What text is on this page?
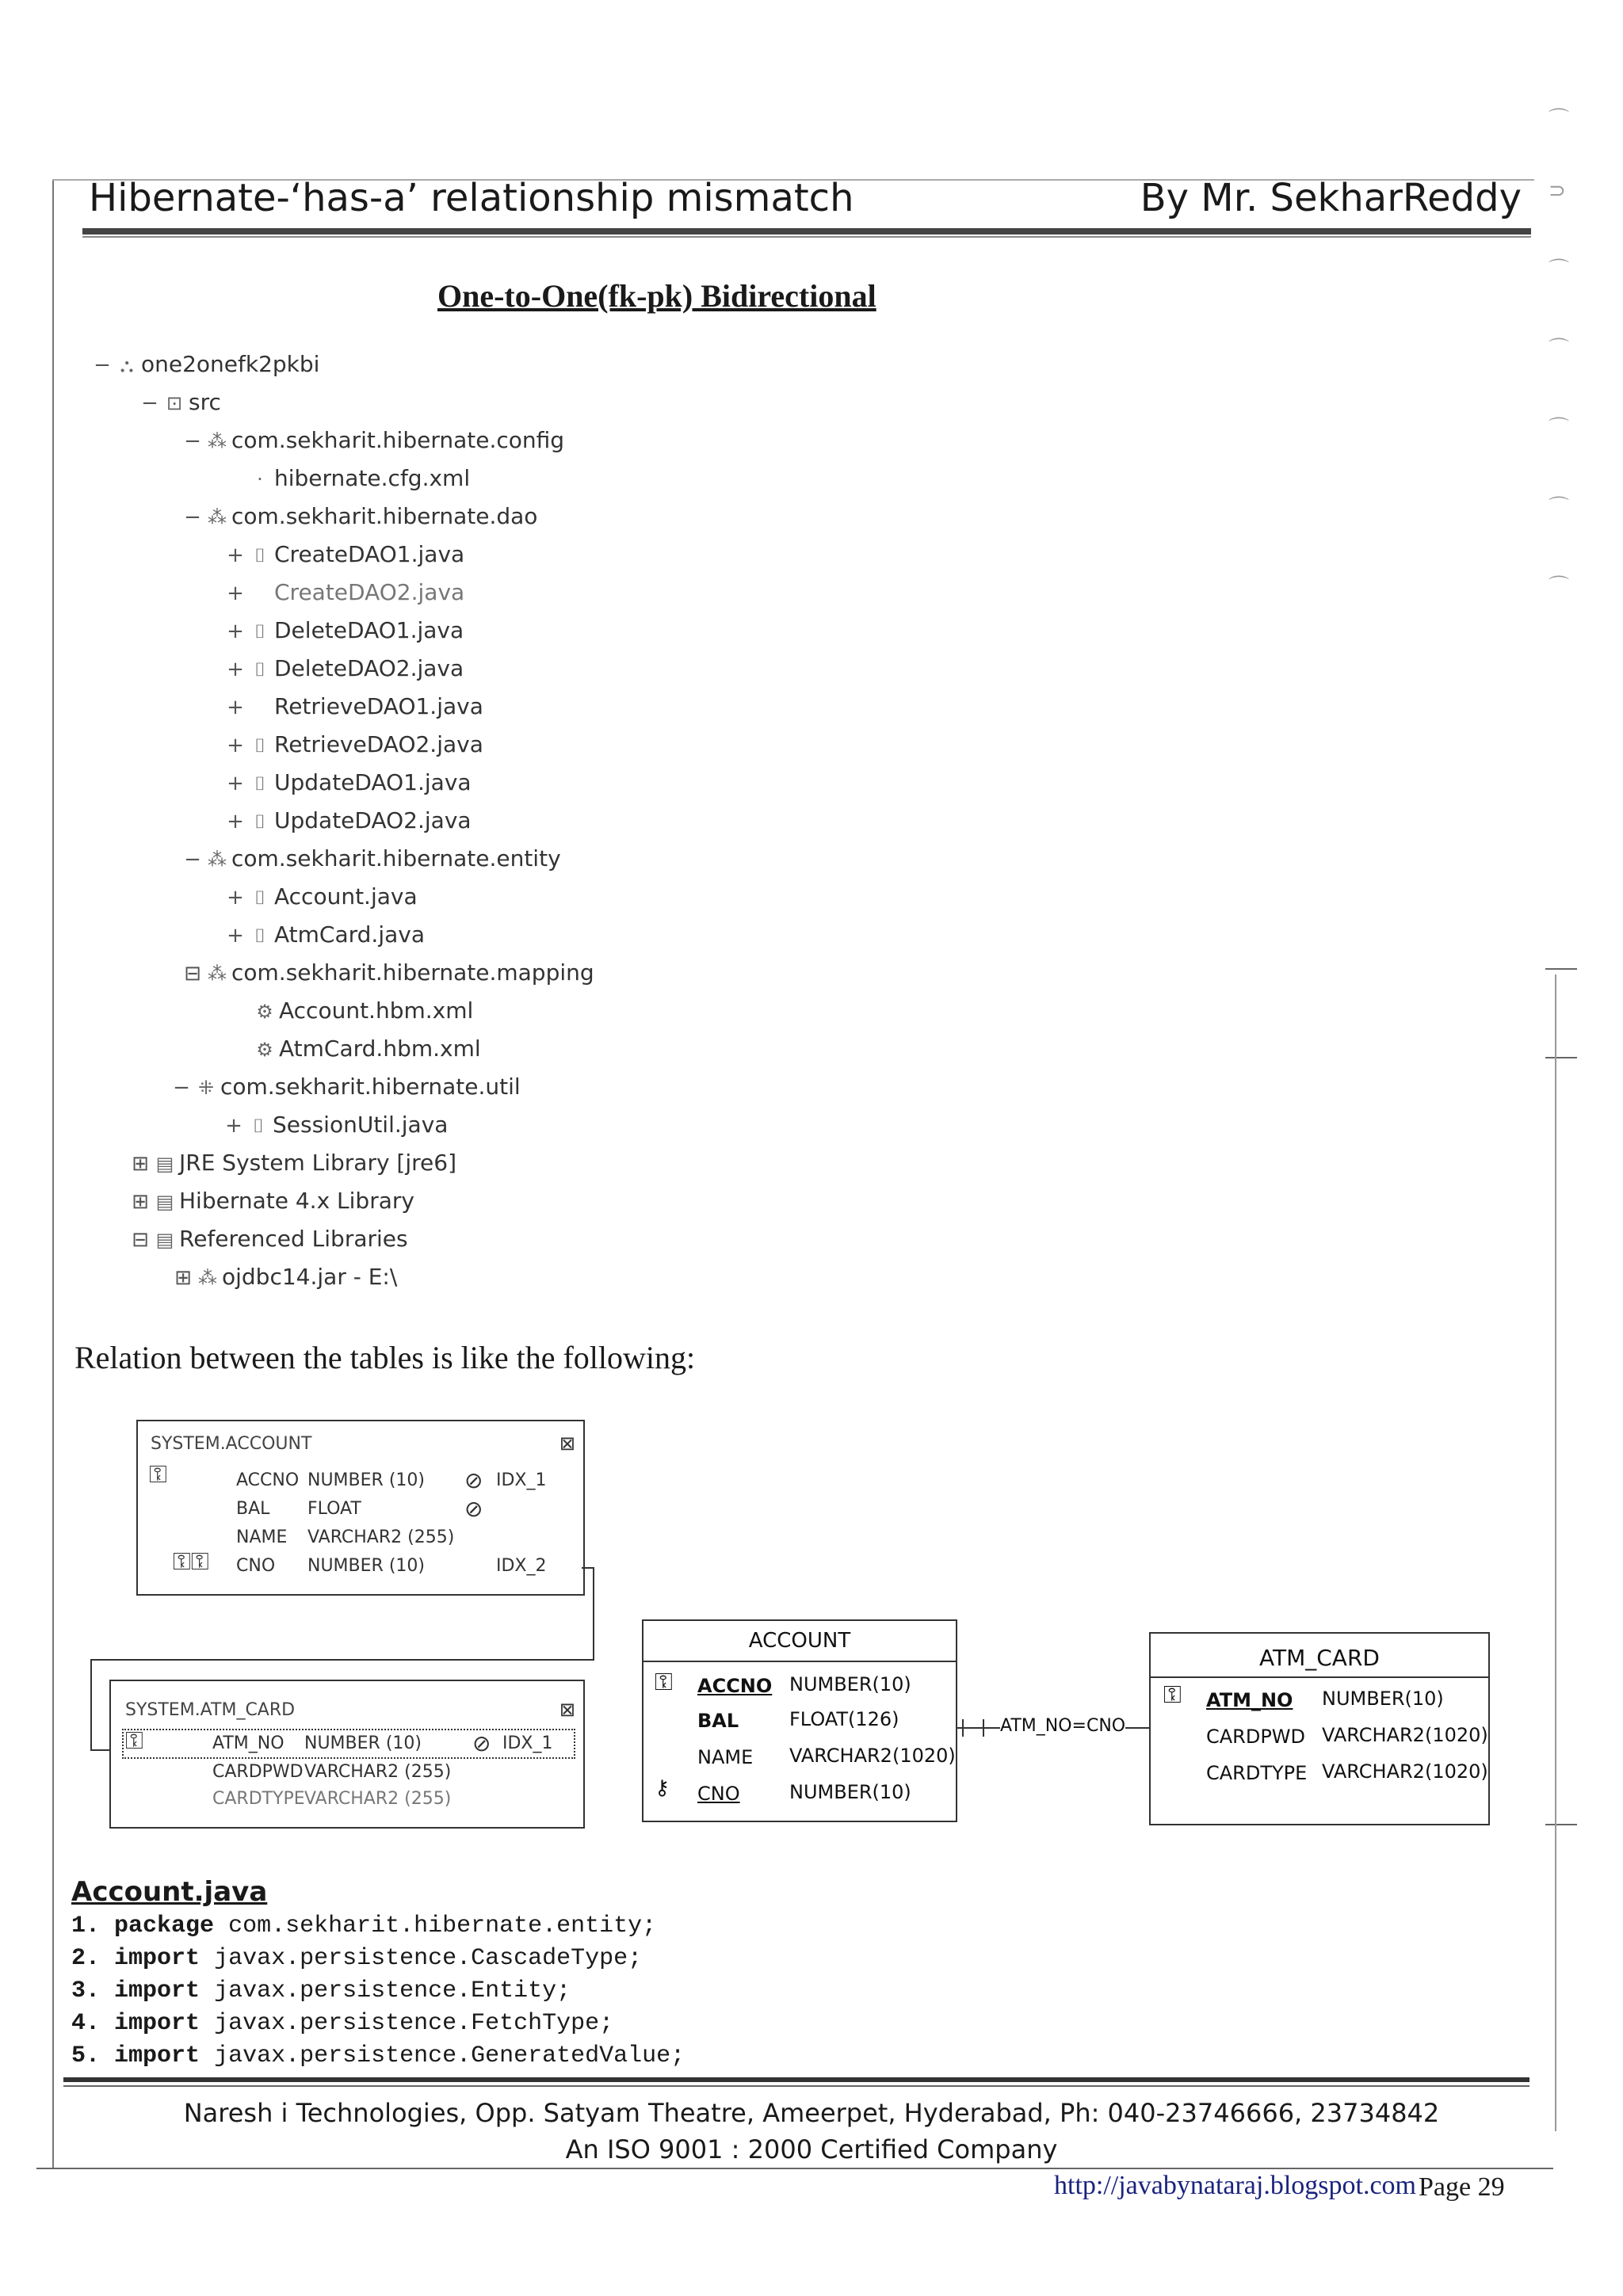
Hibernate-‘has-a’ relationship mismatch	By Mr. SekharReddy
One-to-One(fk-pk) Bidirectional
− ⛬ one2onefk2pkbi
− ⊡ src
− ⁂ com.sekharit.hibernate.config
· hibernate.cfg.xml
− ⁂ com.sekharit.hibernate.dao
+ ⌷ CreateDAO1.java
+ CreateDAO2.java
+ ⌷ DeleteDAO1.java
+ ⌷ DeleteDAO2.java
+ RetrieveDAO1.java
+ ⌷ RetrieveDAO2.java
+ ⌷ UpdateDAO1.java
+ ⌷ UpdateDAO2.java
− ⁂ com.sekharit.hibernate.entity
+ ⌷ Account.java
+ ⌷ AtmCard.java
⊟ ⁂ com.sekharit.hibernate.mapping
⚙ Account.hbm.xml
⚙ AtmCard.hbm.xml
− ⁜ com.sekharit.hibernate.util
+ ⌷ SessionUtil.java
⊞ ▤ JRE System Library [jre6]
⊞ ▤ Hibernate 4.x Library
⊟ ▤ Referenced Libraries
⊞ ⁂ ojdbc14.jar - E:\
Relation between the tables is like the following:
SYSTEM.ACCOUNT	⊠
⚿	ACCNO NUMBER (10) ⊘ IDX_1
BAL FLOAT	⊘
NAME VARCHAR2 (255)
⚿⚿ CNO NUMBER (10)	IDX_2
SYSTEM.ATM_CARD	⊠
⚿	ATM_NO NUMBER (10) ⊘ IDX_1
CARDPWD VARCHAR2 (255)
CARDTYPE VARCHAR2 (255)
ACCOUNT
⚿ ACCNO NUMBER(10)
BAL	FLOAT(126)
NAME VARCHAR2(1020)
⚷ CNO	NUMBER(10)
ATM_NO=CNO
ATM_CARD
⚿ ATM_NO NUMBER(10)
CARDPWD VARCHAR2(1020)
CARDTYPE VARCHAR2(1020)
Account.java
1. package com.sekharit.hibernate.entity;
2. import javax.persistence.CascadeType;
3. import javax.persistence.Entity;
4. import javax.persistence.FetchType;
5. import javax.persistence.GeneratedValue;
Naresh i Technologies, Opp. Satyam Theatre, Ameerpet, Hyderabad, Ph: 040-23746666, 23734842
An ISO 9001 : 2000 Certified Company
http://javabynataraj.blogspot.com Page 29
⌒
⊃
⌒
⌒
⌒
⌒
⌒
